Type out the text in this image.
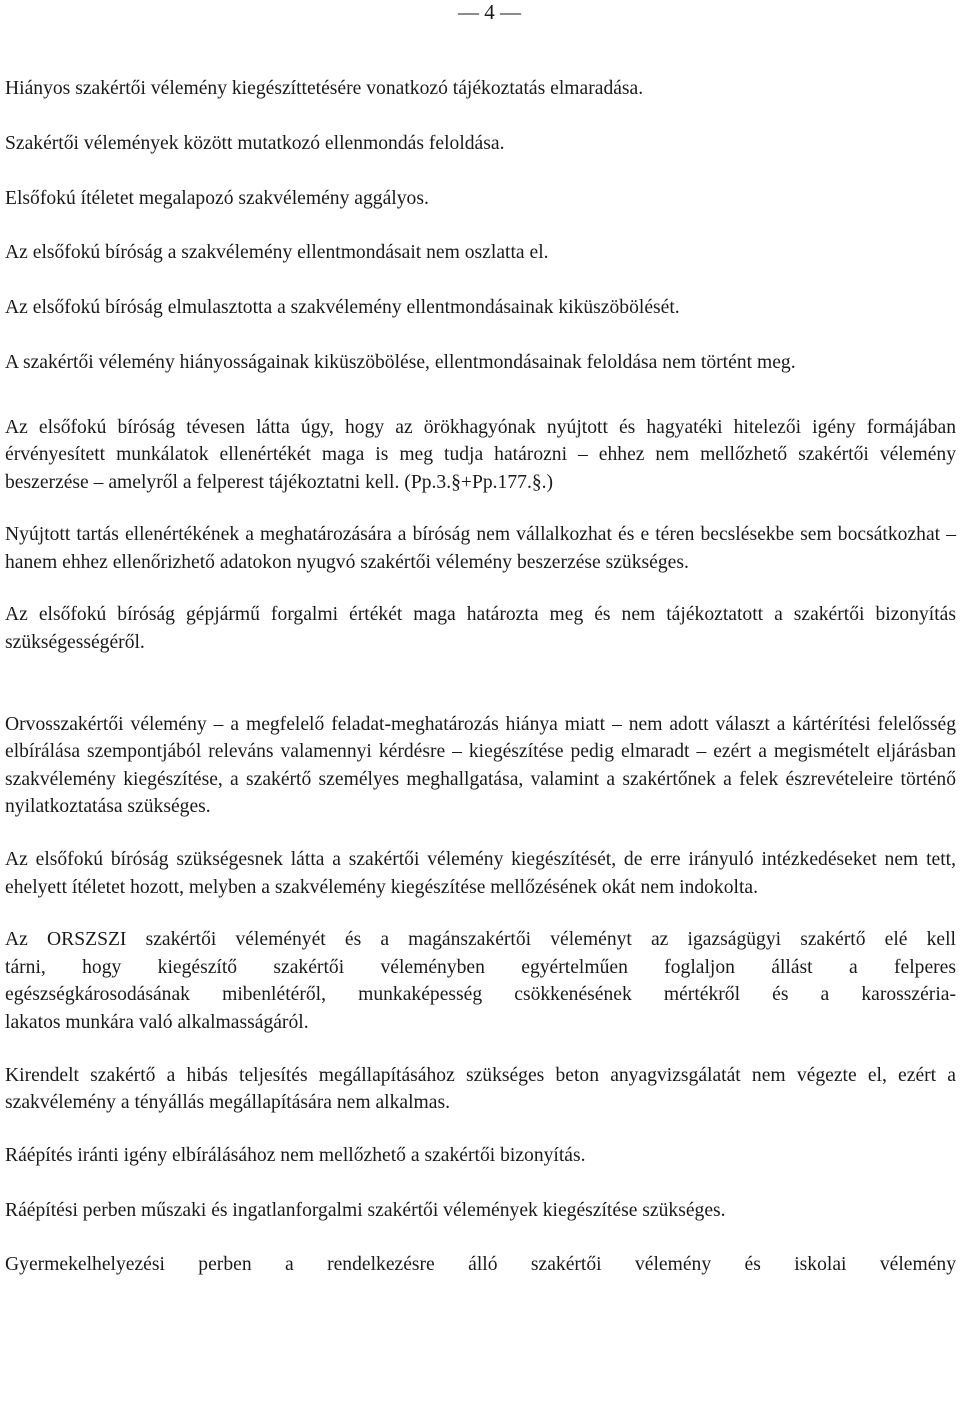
— 4 —

Hiányos szakértői vélemény kiegészíttetésére vonatkozó tájékoztatás elmaradása.

Szakértői vélemények között mutatkozó ellenmondás feloldása.

Elsőfokú ítéletet megalapozó szakvélemény aggályos.

Az elsőfokú bíróság a szakvélemény ellentmondásait nem oszlatta el.

Az elsőfokú bíróság elmulasztotta a szakvélemény ellentmondásainak kiküszöbölését.

A szakértői vélemény hiányosságainak kiküszöbölése, ellentmondásainak feloldása nem történt meg.

Az elsőfokú bíróság tévesen látta úgy, hogy az örökhagyónak nyújtott és hagyatéki hitelezői igény formájában érvényesített munkálatok ellenértékét maga is meg tudja határozni – ehhez nem mellőzhető szakértői vélemény beszerzése – amelyről a felperest tájékoztatni kell. (Pp.3.§+Pp.177.§.)

Nyújtott tartás ellenértékének a meghatározására a bíróság nem vállalkozhat és e téren becslésekbe sem bocsátkozhat – hanem ehhez ellenőrizhető adatokon nyugvó szakértői vélemény beszerzése szükséges.

Az elsőfokú bíróság gépjármű forgalmi értékét maga határozta meg és nem tájékoztatott a szakértői bizonyítás szükségességéről.

Orvosszakértői vélemény – a megfelelő feladat-meghatározás hiánya miatt – nem adott választ a kártérítési felelősség elbírálása szempontjából releváns valamennyi kérdésre – kiegészítése pedig elmaradt – ezért a megismételt eljárásban szakvélemény kiegészítése, a szakértő személyes meghallgatása, valamint a szakértőnek a felek észrevételeire történő nyilatkoztatása szükséges.

Az elsőfokú bíróság szükségesnek látta a szakértői vélemény kiegészítését, de erre irányuló intézkedéseket nem tett, ehelyett ítéletet hozott, melyben a szakvélemény kiegészítése mellőzésének okát nem indokolta.

Az ORSZSZI szakértői véleményét és a magánszakértői véleményt az igazságügyi szakértő elé kell
tárni, hogy kiegészítő szakértői véleményben egyértelműen foglaljon állást a felperes
egészségkárosodásának mibenlétéről, munkaképesség csökkenésének mértékről és a karosszéria-
lakatos munkára való alkalmasságáról.

Kirendelt szakértő a hibás teljesítés megállapításához szükséges beton anyagvizsgálatát nem végezte el, ezért a szakvélemény a tényállás megállapítására nem alkalmas.

Ráépítés iránti igény elbírálásához nem mellőzhető a szakértői bizonyítás.

Ráépítési perben műszaki és ingatlanforgalmi szakértői vélemények kiegészítése szükséges.

Gyermekelhelyezési perben a rendelkezésre álló szakértői vélemény és iskolai vélemény
